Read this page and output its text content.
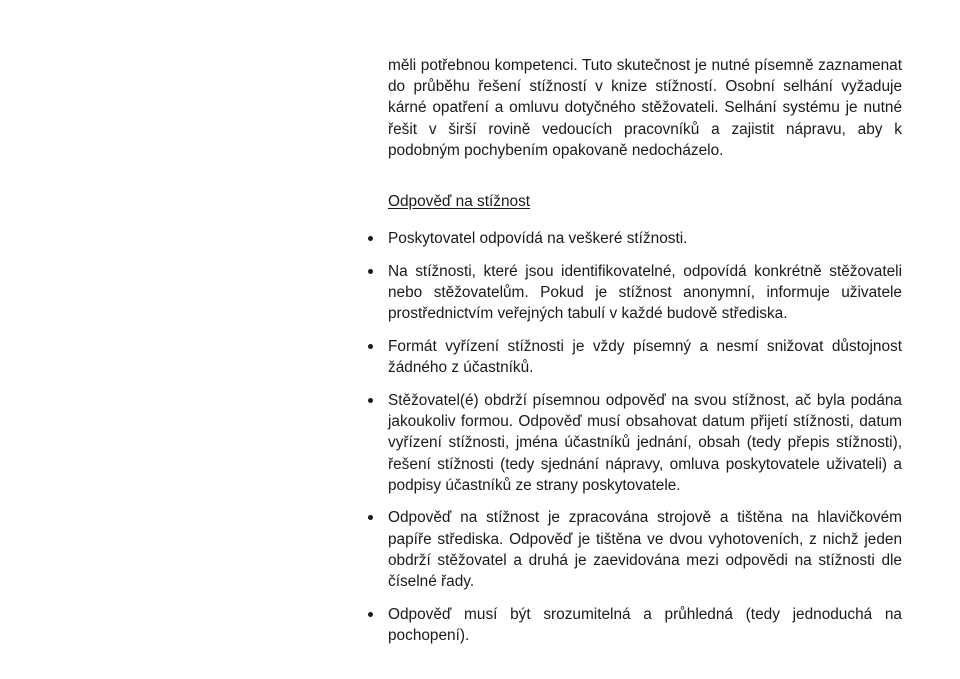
měli potřebnou kompetenci. Tuto skutečnost je nutné písemně zaznamenat do průběhu řešení stížností v knize stížností. Osobní selhání vyžaduje kárné opatření a omluvu dotyčného stěžovateli. Selhání systému je nutné řešit v širší rovině vedoucích pracovníků a zajistit nápravu, aby k podobným pochybením opakovaně nedocházelo.

Odpověď na stížnost

Poskytovatel odpovídá na veškeré stížnosti.
Na stížnosti, které jsou identifikovatelné, odpovídá konkrétně stěžovateli nebo stěžovatelům. Pokud je stížnost anonymní, informuje uživatele prostřednictvím veřejných tabulí v každé budově střediska.
Formát vyřízení stížnosti je vždy písemný a nesmí snižovat důstojnost žádného z účastníků.
Stěžovatel(é) obdrží písemnou odpověď na svou stížnost, ač byla podána jakoukoliv formou. Odpověď musí obsahovat datum přijetí stížnosti, datum vyřízení stížnosti, jména účastníků jednání, obsah (tedy přepis stížnosti), řešení stížnosti (tedy sjednání nápravy, omluva poskytovatele uživateli) a podpisy účastníků ze strany poskytovatele.
Odpověď na stížnost je zpracována strojově a tištěna na hlavičkovém papíře střediska. Odpověď je tištěna ve dvou vyhotoveních, z nichž jeden obdrží stěžovatel a druhá je zaevidována mezi odpovědi na stížnosti dle číselné řady.
Odpověď musí být srozumitelná a průhledná (tedy jednoduchá na pochopení).
